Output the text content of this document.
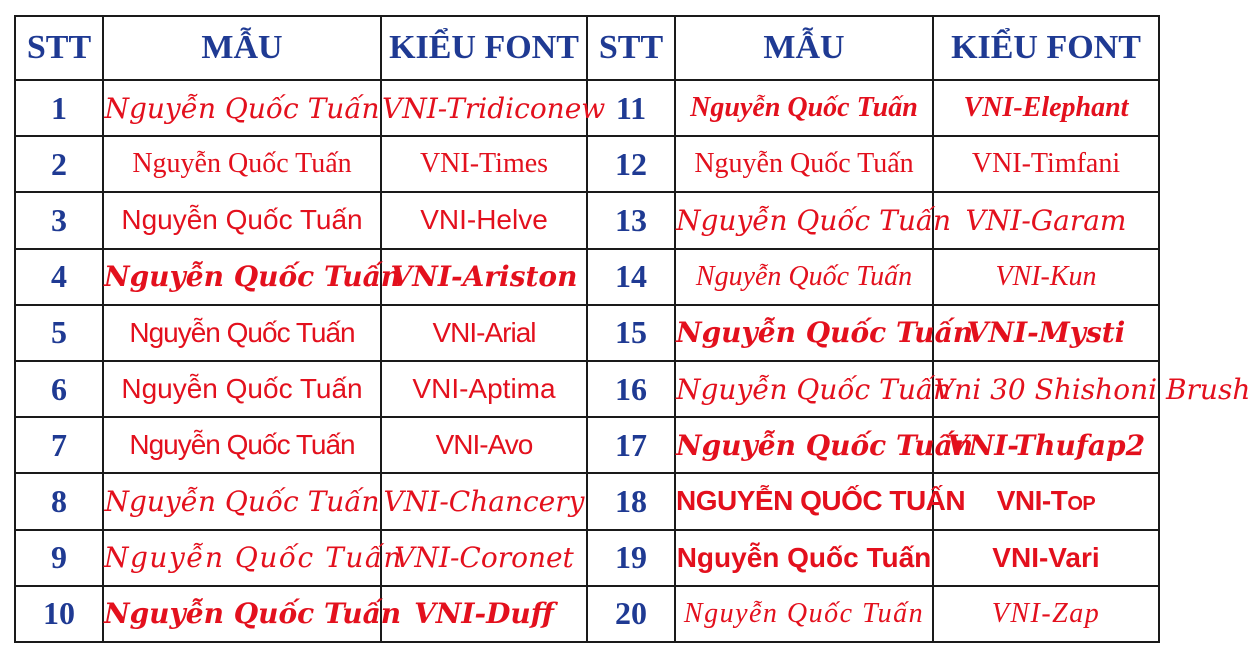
STT	MẪU	KIỂU FONT	STT	MẪU	KIỂU FONT
1	Nguyễn Quốc Tuấn	VNI-Tridiconew	11	Nguyễn Quốc Tuấn	VNI-Elephant
2	Nguyễn Quốc Tuấn	VNI-Times	12	Nguyễn Quốc Tuấn	VNI-Timfani
3	Nguyễn Quốc Tuấn	VNI-Helve	13	Nguyễn Quốc Tuấn	VNI-Garam
4	Nguyễn Quốc Tuấn	VNI-Ariston	14	Nguyễn Quốc Tuấn	VNI-Kun
5	Nguyễn Quốc Tuấn	VNI-Arial	15	Nguyễn Quốc Tuấn	VNI-Mysti
6	Nguyễn Quốc Tuấn	VNI-Aptima	16	Nguyễn Quốc Tuấn	Vni 30 Shishoni Brush
7	Nguyễn Quốc Tuấn	VNI-Avo	17	Nguyễn Quốc Tuấn	VNI-Thufap2
8	Nguyễn Quốc Tuấn	VNI-Chancery	18	NGUYỄN QUỐC TUẤN	VNI-Top
9	Nguyễn Quốc Tuấn	VNI-Coronet	19	Nguyễn Quốc Tuấn	VNI-Vari
10	Nguyễn Quốc Tuấn	VNI-Duff	20	Nguyễn Quốc Tuấn	VNI-Zap
